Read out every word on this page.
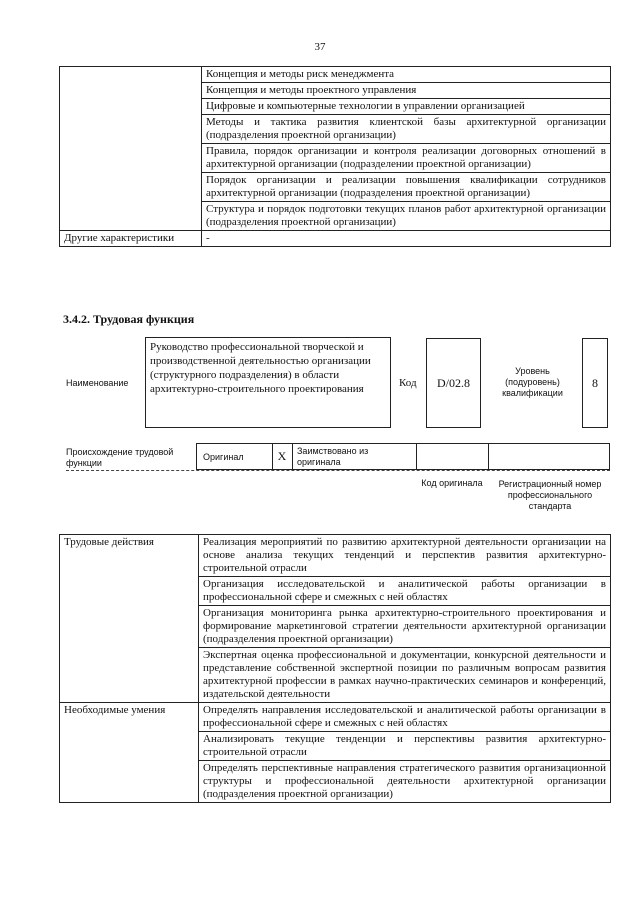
37
	Концепция и методы риск менеджмента
	Концепция и методы проектного управления
	Цифровые и компьютерные технологии в управлении организацией
	Методы и тактика развития клиентской базы архитектурной организации (подразделения проектной организации)
	Правила, порядок организации и контроля реализации договорных отношений в архитектурной организации (подразделении проектной организации)
	Порядок организации и реализации повышения квалификации сотрудников архитектурной организации (подразделения проектной организации)
	Структура и порядок подготовки текущих планов работ архитектурной организации (подразделения проектной организации)
Другие характеристики	-
3.4.2. Трудовая функция
Наименование
Руководство профессиональной творческой и производственной деятельностью организации (структурного подразделения) в области архитектурно-строительного проектирования	Код	D/02.8
Уровень (подуровень) квалификации
8
Происхождение трудовой функции
Оригинал	X	Заимствовано из оригинала
Код оригинала	Регистрационный номер профессионального стандарта
Трудовые действия	Реализация мероприятий по развитию архитектурной деятельности организации на основе анализа текущих тенденций и перспектив развития архитектурно-строительной отрасли
	Организация исследовательской и аналитической работы организации в профессиональной сфере и смежных с ней областях
	Организация мониторинга рынка архитектурно-строительного проектирования и формирование маркетинговой стратегии деятельности архитектурной организации (подразделения проектной организации)
	Экспертная оценка профессиональной и документации, конкурсной деятельности и представление собственной экспертной позиции по различным вопросам развития архитектурной профессии в рамках научно-практических семинаров и конференций, издательской деятельности
Необходимые умения	Определять направления исследовательской и аналитической работы организации в профессиональной сфере и смежных с ней областях
	Анализировать текущие тенденции и перспективы развития архитектурно-строительной отрасли
	Определять перспективные направления стратегического развития организационной структуры и профессиональной деятельности архитектурной организации (подразделения проектной организации)
